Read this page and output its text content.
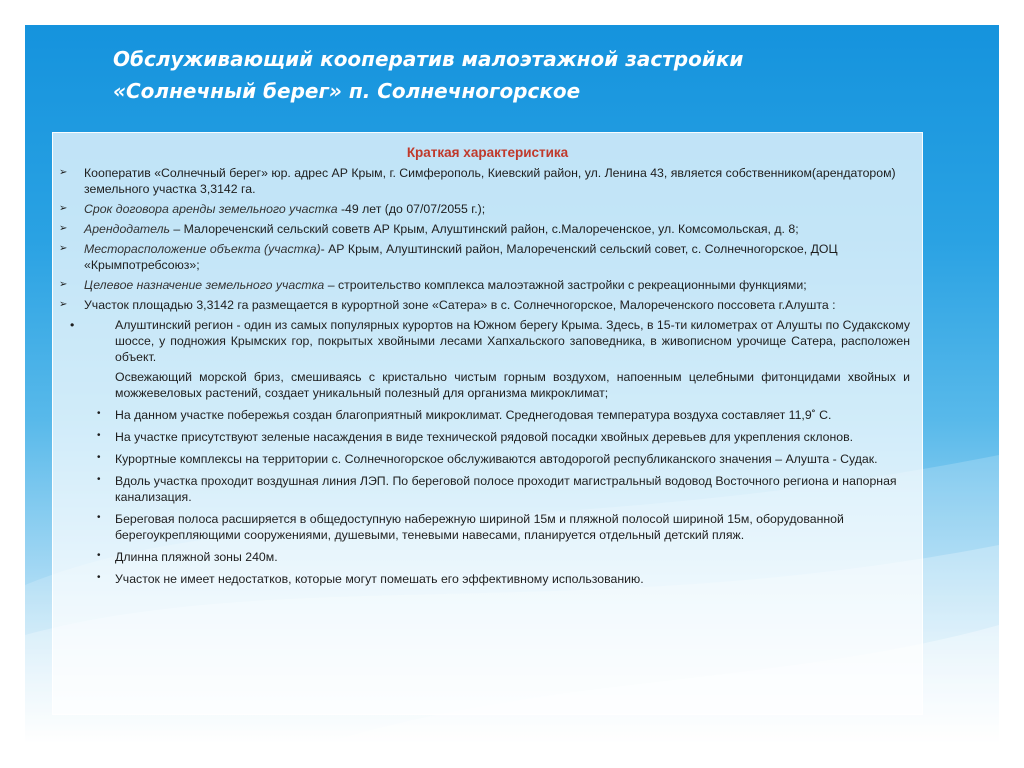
Обслуживающий кооператив малоэтажной застройки
«Солнечный берег» п. Солнечногорское
Краткая характеристика
➢ Кооператив «Солнечный берег» юр. адрес АР Крым, г. Симферополь, Киевский район, ул. Ленина 43, является собственником(арендатором) земельного участка 3,3142 га.
➢ Срок договора аренды земельного участка -49 лет (до 07/07/2055 г.);
➢ Арендодатель – Малореченский сельский советв АР Крым, Алуштинский район, с.Малореченское, ул. Комсомольская, д. 8;
➢ Месторасположение объекта (участка)- АР Крым, Алуштинский район, Малореченский сельский совет, с. Солнечногорское, ДОЦ «Крымпотребсоюз»;
➢ Целевое назначение земельного участка – строительство комплекса малоэтажной застройки с рекреационными функциями;
➢ Участок площадью 3,3142 га размещается в курортной зоне «Сатера» в с. Солнечногорское, Малореченского поссовета г.Алушта :
•	Алуштинский регион - один из самых популярных курортов на Южном берегу Крыма. Здесь, в 15-ти километрах от Алушты по Судакскому шоссе, у подножия Крымских гор, покрытых хвойными лесами Хапхальского заповедника, в живописном урочище Сатера, расположен объект.
Освежающий морской бриз, смешиваясь с кристально чистым горным воздухом, напоенным целебными фитонцидами хвойных и можжевеловых растений, создает уникальный полезный для организма микроклимат;
• На данном участке побережья создан благоприятный микроклимат. Среднегодовая температура воздуха составляет 11,9˚ С.
• На участке присутствуют зеленые насаждения в виде технической рядовой посадки хвойных деревьев для укрепления склонов.
• Курортные комплексы на территории с. Солнечногорское обслуживаются автодорогой республиканского значения – Алушта - Судак.
• Вдоль участка проходит воздушная линия ЛЭП. По береговой полосе проходит магистральный водовод Восточного региона и напорная канализация.
• Береговая полоса расширяется в общедоступную набережную шириной 15м и пляжной полосой шириной 15м, оборудованной берегоукрепляющими сооружениями, душевыми, теневыми навесами, планируется отдельный детский пляж.
• Длинна пляжной зоны 240м.
• Участок не имеет недостатков, которые могут помешать его эффективному использованию.
